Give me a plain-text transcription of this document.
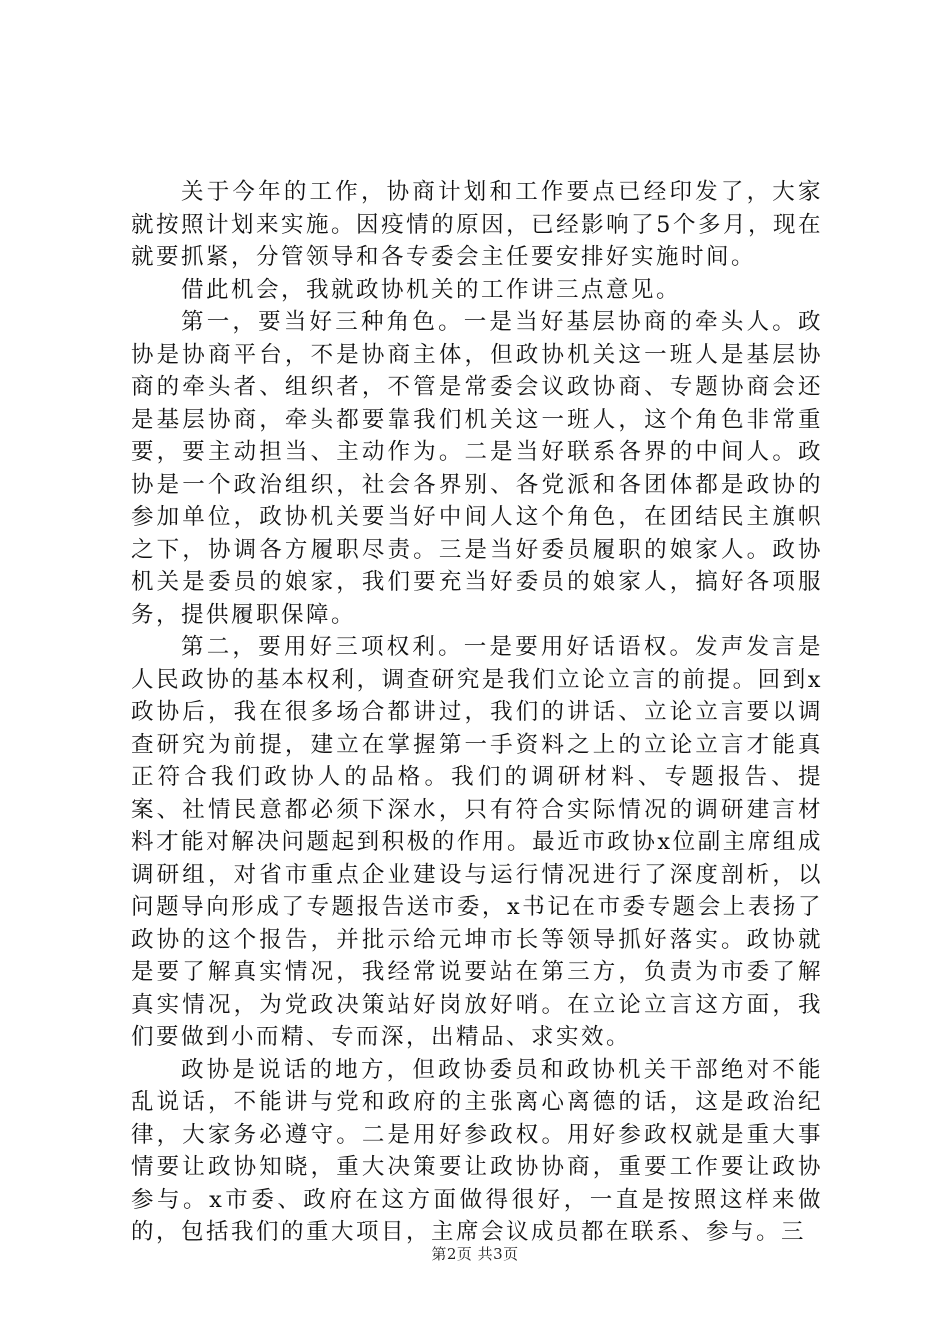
关于今年的工作，协商计划和工作要点已经印发了，大家就按照计划来实施。因疫情的原因，已经影响了5个多月，现在就要抓紧，分管领导和各专委会主任要安排好实施时间。

借此机会，我就政协机关的工作讲三点意见。

第一，要当好三种角色。一是当好基层协商的牵头人。政协是协商平台，不是协商主体，但政协机关这一班人是基层协商的牵头者、组织者，不管是常委会议政协商、专题协商会还是基层协商，牵头都要靠我们机关这一班人，这个角色非常重要，要主动担当、主动作为。二是当好联系各界的中间人。政协是一个政治组织，社会各界别、各党派和各团体都是政协的参加单位，政协机关要当好中间人这个角色，在团结民主旗帜之下，协调各方履职尽责。三是当好委员履职的娘家人。政协机关是委员的娘家，我们要充当好委员的娘家人，搞好各项服务，提供履职保障。

第二，要用好三项权利。一是要用好话语权。发声发言是人民政协的基本权利，调查研究是我们立论立言的前提。回到x政协后，我在很多场合都讲过，我们的讲话、立论立言要以调查研究为前提，建立在掌握第一手资料之上的立论立言才能真正符合我们政协人的品格。我们的调研材料、专题报告、提案、社情民意都必须下深水，只有符合实际情况的调研建言材料才能对解决问题起到积极的作用。最近市政协x位副主席组成调研组，对省市重点企业建设与运行情况进行了深度剖析，以问题导向形成了专题报告送市委，x书记在市委专题会上表扬了政协的这个报告，并批示给元坤市长等领导抓好落实。政协就是要了解真实情况，我经常说要站在第三方，负责为市委了解真实情况，为党政决策站好岗放好哨。在立论立言这方面，我们要做到小而精、专而深，出精品、求实效。

政协是说话的地方，但政协委员和政协机关干部绝对不能乱说话，不能讲与党和政府的主张离心离德的话，这是政治纪律，大家务必遵守。二是用好参政权。用好参政权就是重大事情要让政协知晓，重大决策要让政协协商，重要工作要让政协参与。x市委、政府在这方面做得很好，一直是按照这样来做的，包括我们的重大项目，主席会议成员都在联系、参与。三

第2页 共3页
